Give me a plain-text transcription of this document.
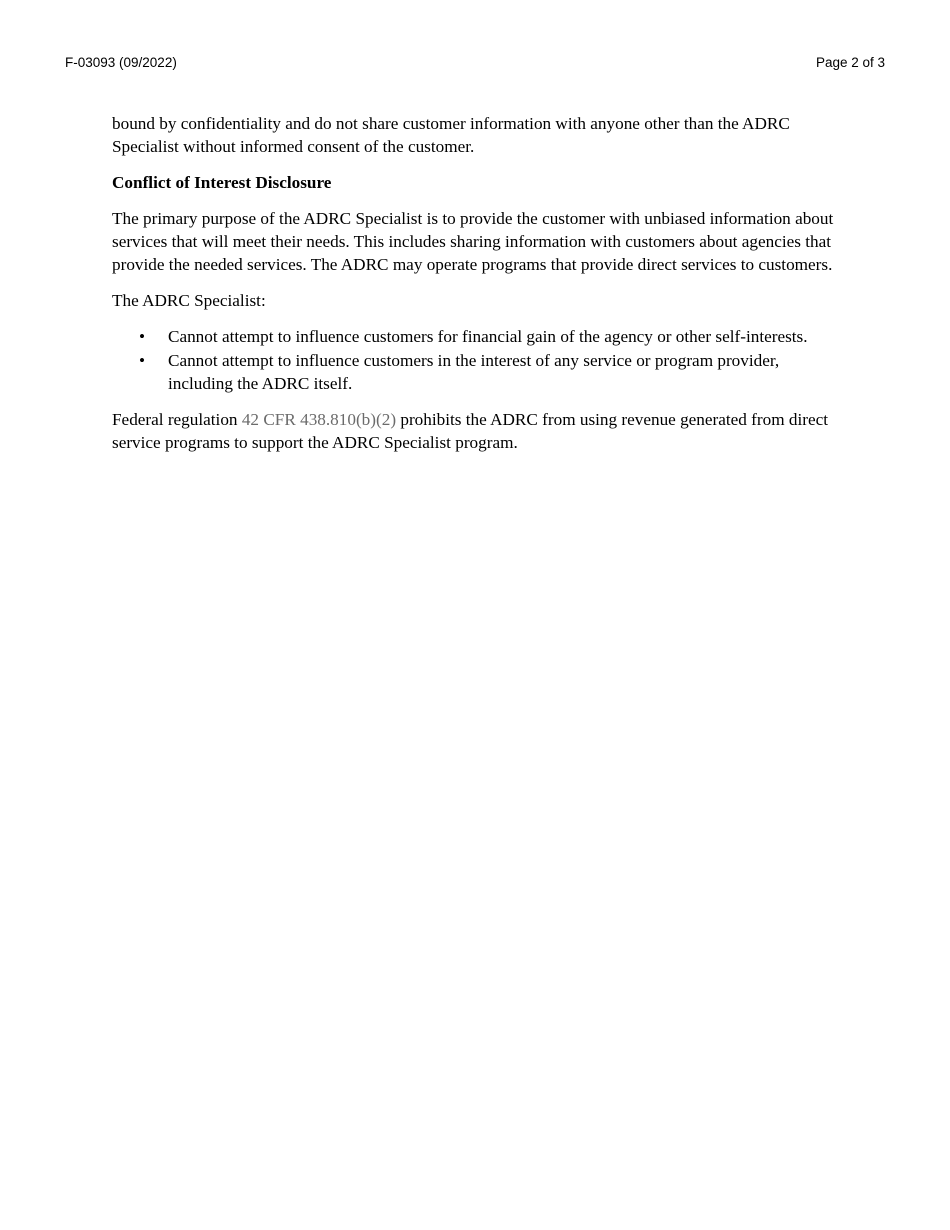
F-03093 (09/2022)	Page 2 of 3

bound by confidentiality and do not share customer information with anyone other than the ADRC Specialist without informed consent of the customer.

Conflict of Interest Disclosure

The primary purpose of the ADRC Specialist is to provide the customer with unbiased information about services that will meet their needs. This includes sharing information with customers about agencies that provide the needed services. The ADRC may operate programs that provide direct services to customers.

The ADRC Specialist:

• Cannot attempt to influence customers for financial gain of the agency or other self-interests.
• Cannot attempt to influence customers in the interest of any service or program provider, including the ADRC itself.

Federal regulation 42 CFR 438.810(b)(2) prohibits the ADRC from using revenue generated from direct service programs to support the ADRC Specialist program.
